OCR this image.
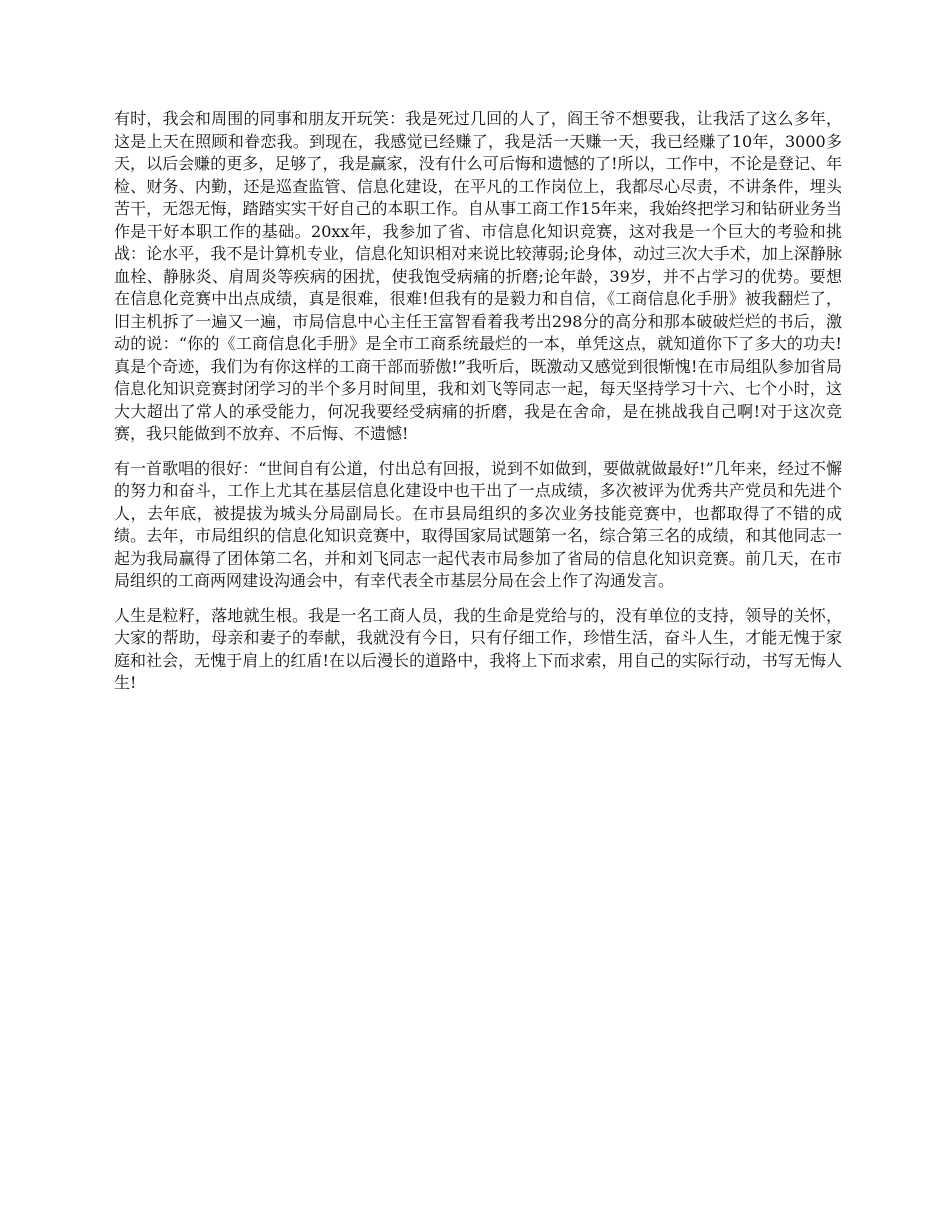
有时，我会和周围的同事和朋友开玩笑：我是死过几回的人了，阎王爷不想要我，让我活了这么多年，这是上天在照顾和眷恋我。到现在，我感觉已经赚了，我是活一天赚一天，我已经赚了10年，3000多天，以后会赚的更多，足够了，我是赢家，没有什么可后悔和遗憾的了!所以，工作中，不论是登记、年检、财务、内勤，还是巡查监管、信息化建设，在平凡的工作岗位上，我都尽心尽责，不讲条件，埋头苦干，无怨无悔，踏踏实实干好自己的本职工作。自从事工商工作15年来，我始终把学习和钻研业务当作是干好本职工作的基础。20xx年，我参加了省、市信息化知识竞赛，这对我是一个巨大的考验和挑战：论水平，我不是计算机专业，信息化知识相对来说比较薄弱;论身体，动过三次大手术，加上深静脉血栓、静脉炎、肩周炎等疾病的困扰，使我饱受病痛的折磨;论年龄，39岁，并不占学习的优势。要想在信息化竞赛中出点成绩，真是很难，很难!但我有的是毅力和自信，《工商信息化手册》被我翻烂了，旧主机拆了一遍又一遍，市局信息中心主任王富智看着我考出298分的高分和那本破破烂烂的书后，激动的说：“你的《工商信息化手册》是全市工商系统最烂的一本，单凭这点，就知道你下了多大的功夫!真是个奇迹，我们为有你这样的工商干部而骄傲!”我听后，既激动又感觉到很惭愧!在市局组队参加省局信息化知识竞赛封闭学习的半个多月时间里，我和刘飞等同志一起，每天坚持学习十六、七个小时，这大大超出了常人的承受能力，何况我要经受病痛的折磨，我是在舍命，是在挑战我自己啊!对于这次竞赛，我只能做到不放弃、不后悔、不遗憾!

有一首歌唱的很好：“世间自有公道，付出总有回报，说到不如做到，要做就做最好!”几年来，经过不懈的努力和奋斗，工作上尤其在基层信息化建设中也干出了一点成绩，多次被评为优秀共产党员和先进个人，去年底，被提拔为城头分局副局长。在市县局组织的多次业务技能竞赛中，也都取得了不错的成绩。去年，市局组织的信息化知识竞赛中，取得国家局试题第一名，综合第三名的成绩，和其他同志一起为我局赢得了团体第二名，并和刘飞同志一起代表市局参加了省局的信息化知识竞赛。前几天，在市局组织的工商两网建设沟通会中，有幸代表全市基层分局在会上作了沟通发言。

人生是粒籽，落地就生根。我是一名工商人员，我的生命是党给与的，没有单位的支持，领导的关怀，大家的帮助，母亲和妻子的奉献，我就没有今日，只有仔细工作，珍惜生活，奋斗人生，才能无愧于家庭和社会，无愧于肩上的红盾!在以后漫长的道路中，我将上下而求索，用自己的实际行动，书写无悔人生!
